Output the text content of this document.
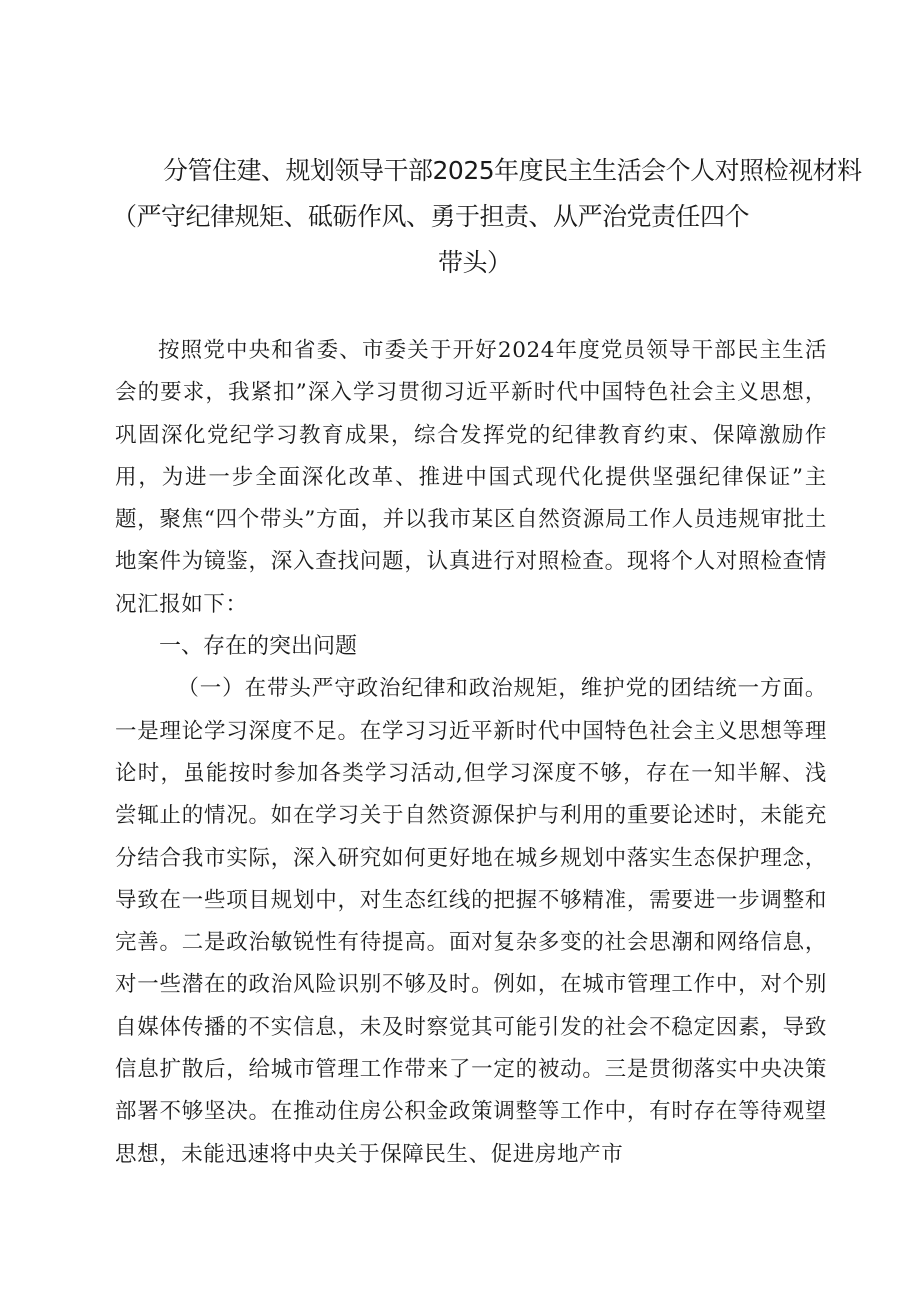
分管住建、规划领导干部2025年度民主生活会个人对照检视材料
（严守纪律规矩、砥砺作风、勇于担责、从严治党责任四个
带头）

按照党中央和省委、市委关于开好2024年度党员领导干部民主生活会的要求，我紧扣”深入学习贯彻习近平新时代中国特色社会主义思想，巩固深化党纪学习教育成果，综合发挥党的纪律教育约束、保障激励作用，为进一步全面深化改革、推进中国式现代化提供坚强纪律保证”主题，聚焦“四个带头”方面，并以我市某区自然资源局工作人员违规审批土地案件为镜鉴，深入查找问题，认真进行对照检查。现将个人对照检查情况汇报如下：

一、存在的突出问题

（一）在带头严守政治纪律和政治规矩，维护党的团结统一方面。一是理论学习深度不足。在学习习近平新时代中国特色社会主义思想等理论时，虽能按时参加各类学习活动,但学习深度不够，存在一知半解、浅尝辄止的情况。如在学习关于自然资源保护与利用的重要论述时，未能充分结合我市实际，深入研究如何更好地在城乡规划中落实生态保护理念，导致在一些项目规划中，对生态红线的把握不够精准，需要进一步调整和完善。二是政治敏锐性有待提高。面对复杂多变的社会思潮和网络信息，对一些潜在的政治风险识别不够及时。例如，在城市管理工作中，对个别自媒体传播的不实信息，未及时察觉其可能引发的社会不稳定因素，导致信息扩散后，给城市管理工作带来了一定的被动。三是贯彻落实中央决策部署不够坚决。在推动住房公积金政策调整等工作中，有时存在等待观望思想，未能迅速将中央关于保障民生、促进房地产市
